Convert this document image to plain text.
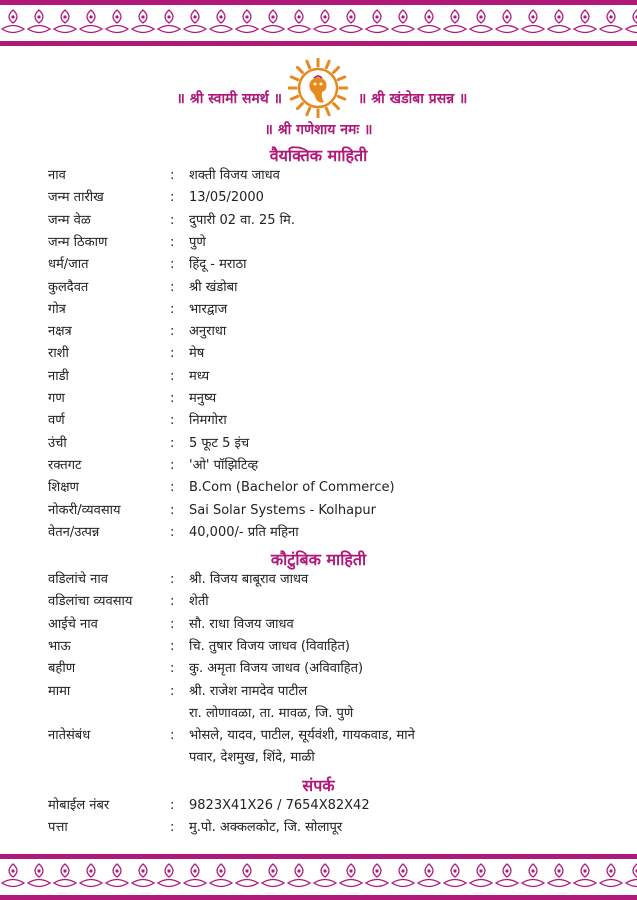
॥ श्री स्वामी समर्थ ॥	॥ श्री खंडोबा प्रसन्न ॥
॥ श्री गणेशाय नमः ॥
वैयक्तिक माहिती
नाव	: शक्ती विजय जाधव
जन्म तारीख	: 13/05/2000
जन्म वेळ	: दुपारी 02 वा. 25 मि.
जन्म ठिकाण	: पुणे
धर्म/जात	: हिंदू - मराठा
कुलदैवत	: श्री खंडोबा
गोत्र	: भारद्वाज
नक्षत्र	: अनुराधा
राशी	: मेष
नाडी	: मध्य
गण	: मनुष्य
वर्ण	: निमगोरा
उंची	: 5 फूट 5 इंच
रक्तगट	: 'ओ' पॉझिटिव्ह
शिक्षण	: B.Com (Bachelor of Commerce)
नोकरी/व्यवसाय	: Sai Solar Systems - Kolhapur
वेतन/उत्पन्न	: 40,000/- प्रति महिना
कौटुंबिक माहिती
वडिलांचे नाव	: श्री. विजय बाबूराव जाधव
वडिलांचा व्यवसाय	: शेती
आईचे नाव	: सौ. राधा विजय जाधव
भाऊ	: चि. तुषार विजय जाधव (विवाहित)
बहीण	: कु. अमृता विजय जाधव (अविवाहित)
मामा	: श्री. राजेश नामदेव पाटील
रा. लोणावळा, ता. मावळ, जि. पुणे
नातेसंबंध	: भोसले, यादव, पाटील, सूर्यवंशी, गायकवाड, माने
पवार, देशमुख, शिंदे, माळी
संपर्क
मोबाईल नंबर	: 9823X41X26 / 7654X82X42
पत्ता	: मु.पो. अक्कलकोट, जि. सोलापूर
